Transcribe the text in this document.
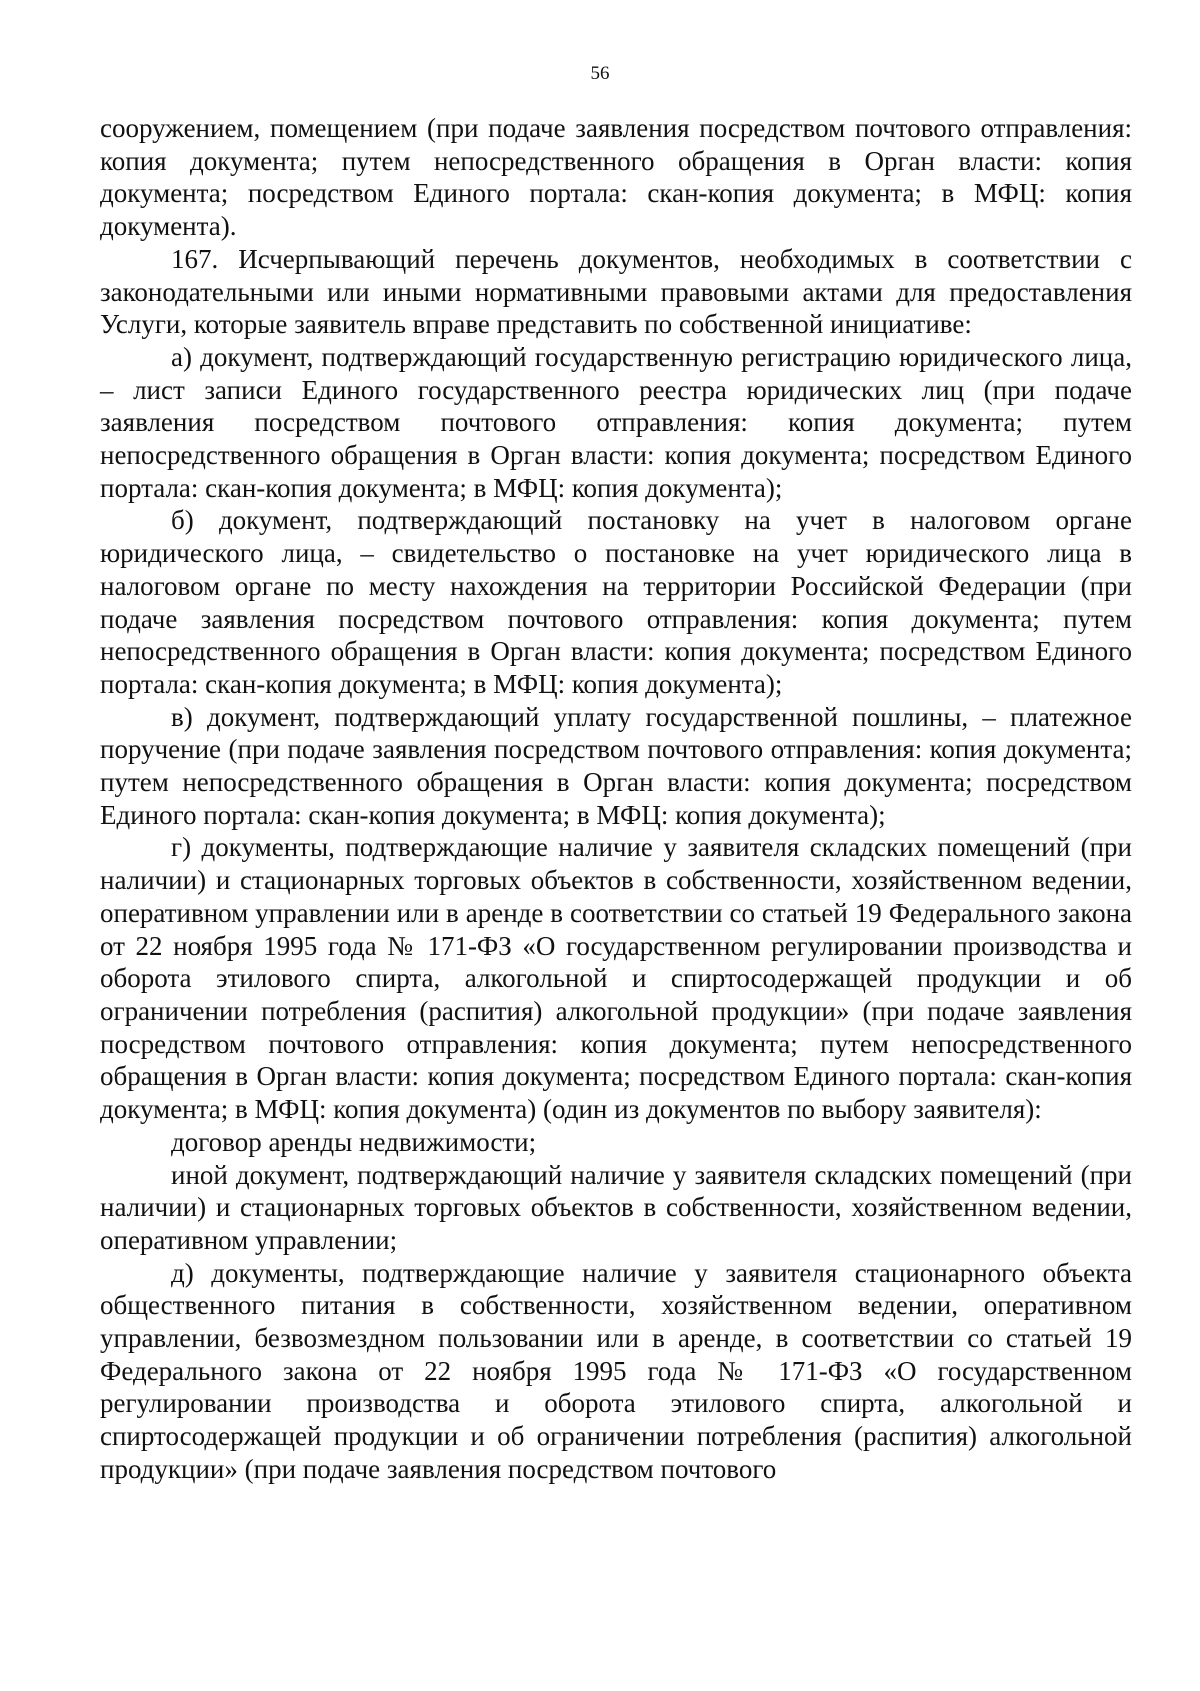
56

сооружением, помещением (при подаче заявления посредством почтового отправления: копия документа; путем непосредственного обращения в Орган власти: копия документа; посредством Единого портала: скан-копия документа; в МФЦ: копия документа).

167. Исчерпывающий перечень документов, необходимых в соответствии с законодательными или иными нормативными правовыми актами для предоставления Услуги, которые заявитель вправе представить по собственной инициативе:

а) документ, подтверждающий государственную регистрацию юридического лица, – лист записи Единого государственного реестра юридических лиц (при подаче заявления посредством почтового отправления: копия документа; путем непосредственного обращения в Орган власти: копия документа; посредством Единого портала: скан-копия документа; в МФЦ: копия документа);

б) документ, подтверждающий постановку на учет в налоговом органе юридического лица, – свидетельство о постановке на учет юридического лица в налоговом органе по месту нахождения на территории Российской Федерации (при подаче заявления посредством почтового отправления: копия документа; путем непосредственного обращения в Орган власти: копия документа; посредством Единого портала: скан-копия документа; в МФЦ: копия документа);

в) документ, подтверждающий уплату государственной пошлины, – платежное поручение (при подаче заявления посредством почтового отправления: копия документа; путем непосредственного обращения в Орган власти: копия документа; посредством Единого портала: скан-копия документа; в МФЦ: копия документа);

г) документы, подтверждающие наличие у заявителя складских помещений (при наличии) и стационарных торговых объектов в собственности, хозяйственном ведении, оперативном управлении или в аренде в соответствии со статьей 19 Федерального закона от 22 ноября 1995 года № 171-ФЗ «О государственном регулировании производства и оборота этилового спирта, алкогольной и спиртосодержащей продукции и об ограничении потребления (распития) алкогольной продукции» (при подаче заявления посредством почтового отправления: копия документа; путем непосредственного обращения в Орган власти: копия документа; посредством Единого портала: скан-копия документа; в МФЦ: копия документа) (один из документов по выбору заявителя):

договор аренды недвижимости;

иной документ, подтверждающий наличие у заявителя складских помещений (при наличии) и стационарных торговых объектов в собственности, хозяйственном ведении, оперативном управлении;

д) документы, подтверждающие наличие у заявителя стационарного объекта общественного питания в собственности, хозяйственном ведении, оперативном управлении, безвозмездном пользовании или в аренде, в соответствии со статьей 19 Федерального закона от 22 ноября 1995 года № 171-ФЗ «О государственном регулировании производства и оборота этилового спирта, алкогольной и спиртосодержащей продукции и об ограничении потребления (распития) алкогольной продукции» (при подаче заявления посредством почтового
